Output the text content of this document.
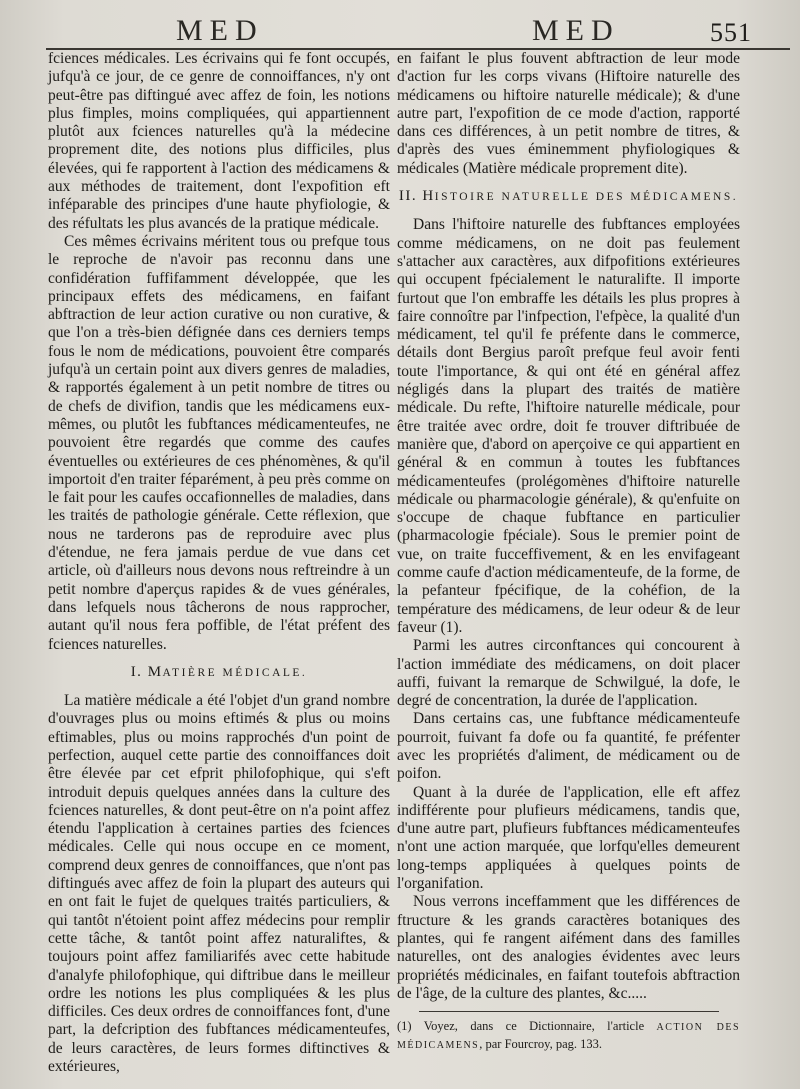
MED	MED	551

fciences médicales. Les écrivains qui fe font occupés, jufqu'à ce jour, de ce genre de connoiffances, n'y ont peut-être pas diftingué avec affez de foin, les notions plus fimples, moins compliquées, qui appartiennent plutôt aux fciences naturelles qu'à la médecine proprement dite, des notions plus difficiles, plus élevées, qui fe rapportent à l'action des médicamens & aux méthodes de traitement, dont l'expofition eft inféparable des principes d'une haute phyfiologie, & des réfultats les plus avancés de la pratique médicale.

Ces mêmes écrivains méritent tous ou prefque tous le reproche de n'avoir pas reconnu dans une confidération fuffifamment développée, que les principaux effets des médicamens, en faifant abftraction de leur action curative ou non curative, & que l'on a très-bien défignée dans ces derniers temps fous le nom de médications, pouvoient être comparés jufqu'à un certain point aux divers genres de maladies, & rapportés également à un petit nombre de titres ou de chefs de divifion, tandis que les médicamens eux-mêmes, ou plutôt les fubftances médicamenteufes, ne pouvoient être regardés que comme des caufes éventuelles ou extérieures de ces phénomènes, & qu'il importoit d'en traiter féparément, à peu près comme on le fait pour les caufes occafionnelles de maladies, dans les traités de pathologie générale. Cette réflexion, que nous ne tarderons pas de reproduire avec plus d'étendue, ne fera jamais perdue de vue dans cet article, où d'ailleurs nous devons nous reftreindre à un petit nombre d'aperçus rapides & de vues générales, dans lefquels nous tâcherons de nous rapprocher, autant qu'il nous fera poffible, de l'état préfent des fciences naturelles.

I. MATIÈRE MÉDICALE.

La matière médicale a été l'objet d'un grand nombre d'ouvrages plus ou moins eftimés & plus ou moins eftimables, plus ou moins rapprochés d'un point de perfection, auquel cette partie des connoiffances doit être élevée par cet efprit philofophique, qui s'eft introduit depuis quelques années dans la culture des fciences naturelles, & dont peut-être on n'a point affez étendu l'application à certaines parties des fciences médicales. Celle qui nous occupe en ce moment, comprend deux genres de connoiffances, que n'ont pas diftingués avec affez de foin la plupart des auteurs qui en ont fait le fujet de quelques traités particuliers, & qui tantôt n'étoient point affez médecins pour remplir cette tâche, & tantôt point affez naturaliftes, & toujours point affez familiarifés avec cette habitude d'analyfe philofophique, qui diftribue dans le meilleur ordre les notions les plus compliquées & les plus difficiles. Ces deux ordres de connoiffances font, d'une part, la defcription des fubftances médicamenteufes, de leurs caractères, de leurs formes diftinctives & extérieures,

en faifant le plus fouvent abftraction de leur mode d'action fur les corps vivans (Hiftoire naturelle des médicamens ou hiftoire naturelle médicale); & d'une autre part, l'expofition de ce mode d'action, rapporté dans ces différences, à un petit nombre de titres, & d'après des vues éminemment phyfiologiques & médicales (Matière médicale proprement dite).

II. HISTOIRE NATURELLE DES MÉDICAMENS.

Dans l'hiftoire naturelle des fubftances employées comme médicamens, on ne doit pas feulement s'attacher aux caractères, aux difpofitions extérieures qui occupent fpécialement le naturalifte. Il importe furtout que l'on embraffe les détails les plus propres à faire connoître par l'infpection, l'efpèce, la qualité d'un médicament, tel qu'il fe préfente dans le commerce, détails dont Bergius paroît prefque feul avoir fenti toute l'importance, & qui ont été en général affez négligés dans la plupart des traités de matière médicale. Du refte, l'hiftoire naturelle médicale, pour être traitée avec ordre, doit fe trouver diftribuée de manière que, d'abord on aperçoive ce qui appartient en général & en commun à toutes les fubftances médicamenteufes (prolégomènes d'hiftoire naturelle médicale ou pharmacologie générale), & qu'enfuite on s'occupe de chaque fubftance en particulier (pharmacologie fpéciale). Sous le premier point de vue, on traite fucceffivement, & en les envifageant comme caufe d'action médicamenteufe, de la forme, de la pefanteur fpécifique, de la cohéfion, de la température des médicamens, de leur odeur & de leur faveur (1).

Parmi les autres circonftances qui concourent à l'action immédiate des médicamens, on doit placer auffi, fuivant la remarque de Schwilgué, la dofe, le degré de concentration, la durée de l'application.

Dans certains cas, une fubftance médicamenteufe pourroit, fuivant fa dofe ou fa quantité, fe préfenter avec les propriétés d'aliment, de médicament ou de poifon.

Quant à la durée de l'application, elle eft affez indifférente pour plufieurs médicamens, tandis que, d'une autre part, plufieurs fubftances médicamenteufes n'ont une action marquée, que lorfqu'elles demeurent long-temps appliquées à quelques points de l'organifation.

Nous verrons inceffamment que les différences de ftructure & les grands caractères botaniques des plantes, qui fe rangent aifément dans des familles naturelles, ont des analogies évidentes avec leurs propriétés médicinales, en faifant toutefois abftraction de l'âge, de la culture des plantes, &c.....

(1) Voyez, dans ce Dictionnaire, l'article ACTION DES MÉDICAMENS, par Fourcroy, pag. 133.
